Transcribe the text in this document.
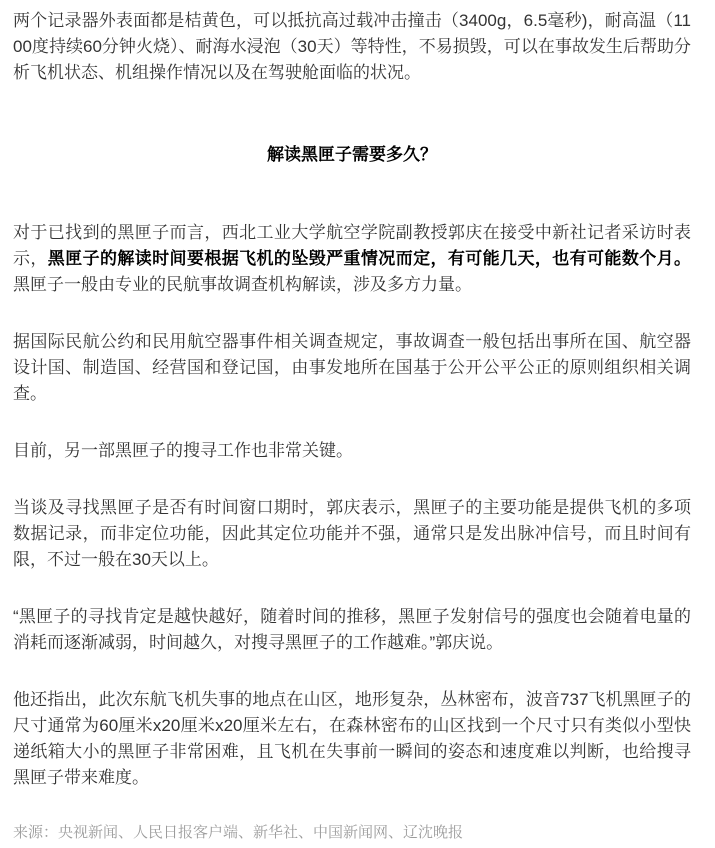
两个记录器外表面都是桔黄色，可以抵抗高过载冲击撞击（3400g，6.5毫秒)，耐高温（1100度持续60分钟火烧）、耐海水浸泡（30天）等特性，不易损毁，可以在事故发生后帮助分析飞机状态、机组操作情况以及在驾驶舱面临的状况。

解读黑匣子需要多久？

对于已找到的黑匣子而言，西北工业大学航空学院副教授郭庆在接受中新社记者采访时表示，黑匣子的解读时间要根据飞机的坠毁严重情况而定，有可能几天，也有可能数个月。黑匣子一般由专业的民航事故调查机构解读，涉及多方力量。

据国际民航公约和民用航空器事件相关调查规定，事故调查一般包括出事所在国、航空器设计国、制造国、经营国和登记国，由事发地所在国基于公开公平公正的原则组织相关调查。

目前，另一部黑匣子的搜寻工作也非常关键。

当谈及寻找黑匣子是否有时间窗口期时，郭庆表示，黑匣子的主要功能是提供飞机的多项数据记录，而非定位功能，因此其定位功能并不强，通常只是发出脉冲信号，而且时间有限，不过一般在30天以上。

“黑匣子的寻找肯定是越快越好，随着时间的推移，黑匣子发射信号的强度也会随着电量的消耗而逐渐减弱，时间越久，对搜寻黑匣子的工作越难。”郭庆说。

他还指出，此次东航飞机失事的地点在山区，地形复杂，丛林密布，波音737飞机黑匣子的尺寸通常为60厘米x20厘米x20厘米左右，在森林密布的山区找到一个尺寸只有类似小型快递纸箱大小的黑匣子非常困难，且飞机在失事前一瞬间的姿态和速度难以判断，也给搜寻黑匣子带来难度。

来源：央视新闻、人民日报客户端、新华社、中国新闻网、辽沈晚报
